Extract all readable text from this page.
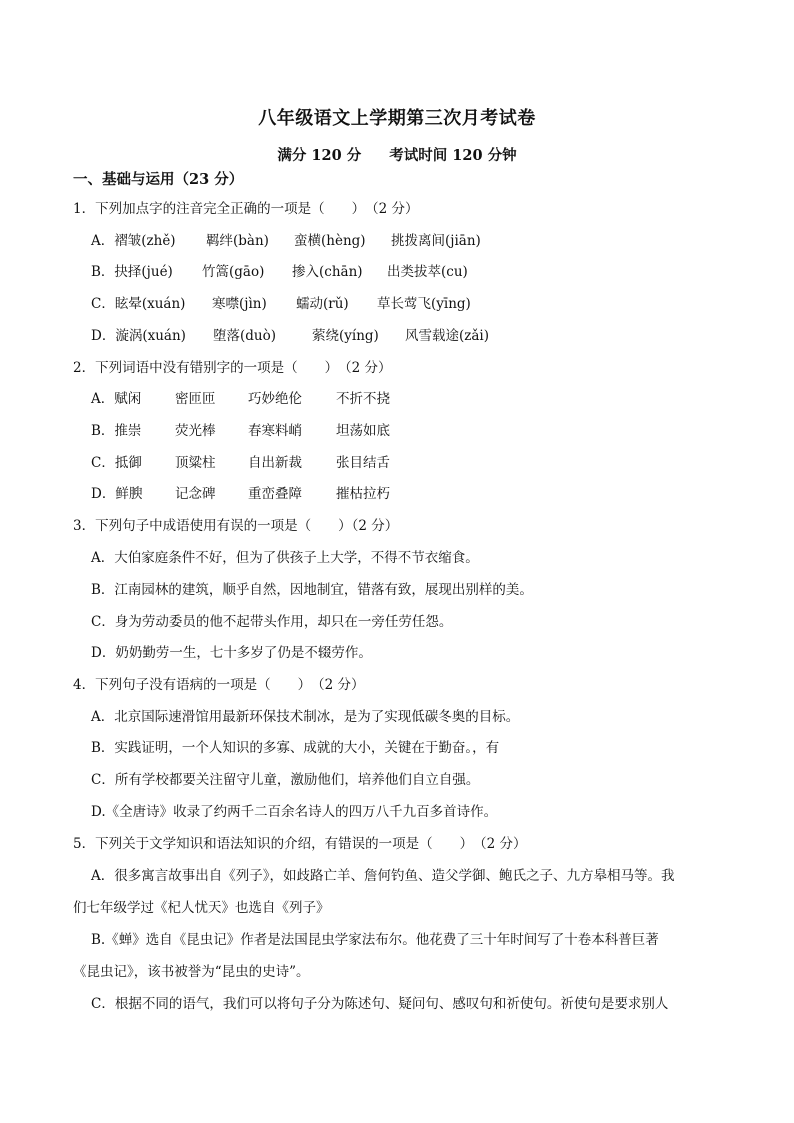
八年级语文上学期第三次月考试卷
满分 120 分 考试时间 120 分钟
一、基础与运用（23 分）
1．下列加点字的注音完全正确的一项是（　　）　（2 分）
A．褶皱(zhě) 羁绊(bàn) 蛮横(hèng) 挑拨离间(jiān)
B．抉择(jué) 竹篙(gāo) 掺入(chān) 出类拔萃(cu)
C．眩晕(xuán) 寒噤(jìn) 蠕动(rǔ) 草长莺飞(yīng)
D．漩涡(xuán) 堕落(duò)	萦绕(yíng) 风雪载途(zǎi)
2．下列词语中没有错别字的一项是（　　）　（2 分）
A．赋闲	密匝匝 巧妙绝伦	不折不挠
B．推崇 荧光棒 春寒料峭	坦荡如底
C．抵御 顶粱柱 自出新裁	张目结舌
D．鲜腴 记念碑 重峦叠障	摧枯拉朽
3．下列句子中成语使用有误的一项是（　　）（2 分）
A．大伯家庭条件不好，但为了供孩子上大学，不得不节衣缩食。
B．江南园林的建筑，顺乎自然，因地制宜，错落有致，展现出别样的美。
C．身为劳动委员的他不起带头作用，却只在一旁任劳任怨。
D．奶奶勤劳一生，七十多岁了仍是不辍劳作。
4．下列句子没有语病的一项是（　　）　（2 分）
A．北京国际速滑馆用最新环保技术制冰，是为了实现低碳冬奥的目标。
B．实践证明，一个人知识的多寡、成就的大小，关键在于勤奋。，有
C．所有学校都要关注留守儿童，激励他们，培养他们自立自强。
D.《全唐诗》收录了约两千二百余名诗人的四万八千九百多首诗作。
5．下列关于文学知识和语法知识的介绍，有错误的一项是（　　）　（2 分）
A．很多寓言故事出自《列子》，如歧路亡羊、詹何钓鱼、造父学御、鲍氏之子、九方皋相马等。我
们七年级学过《杞人忧天》也选自《列子》
B.《蝉》选自《昆虫记》作者是法国昆虫学家法布尔。他花费了三十年时间写了十卷本科普巨著
《昆虫记》，该书被誉为“昆虫的史诗”。
C．根据不同的语气，我们可以将句子分为陈述句、疑问句、感叹句和祈使句。祈使句是要求别人
